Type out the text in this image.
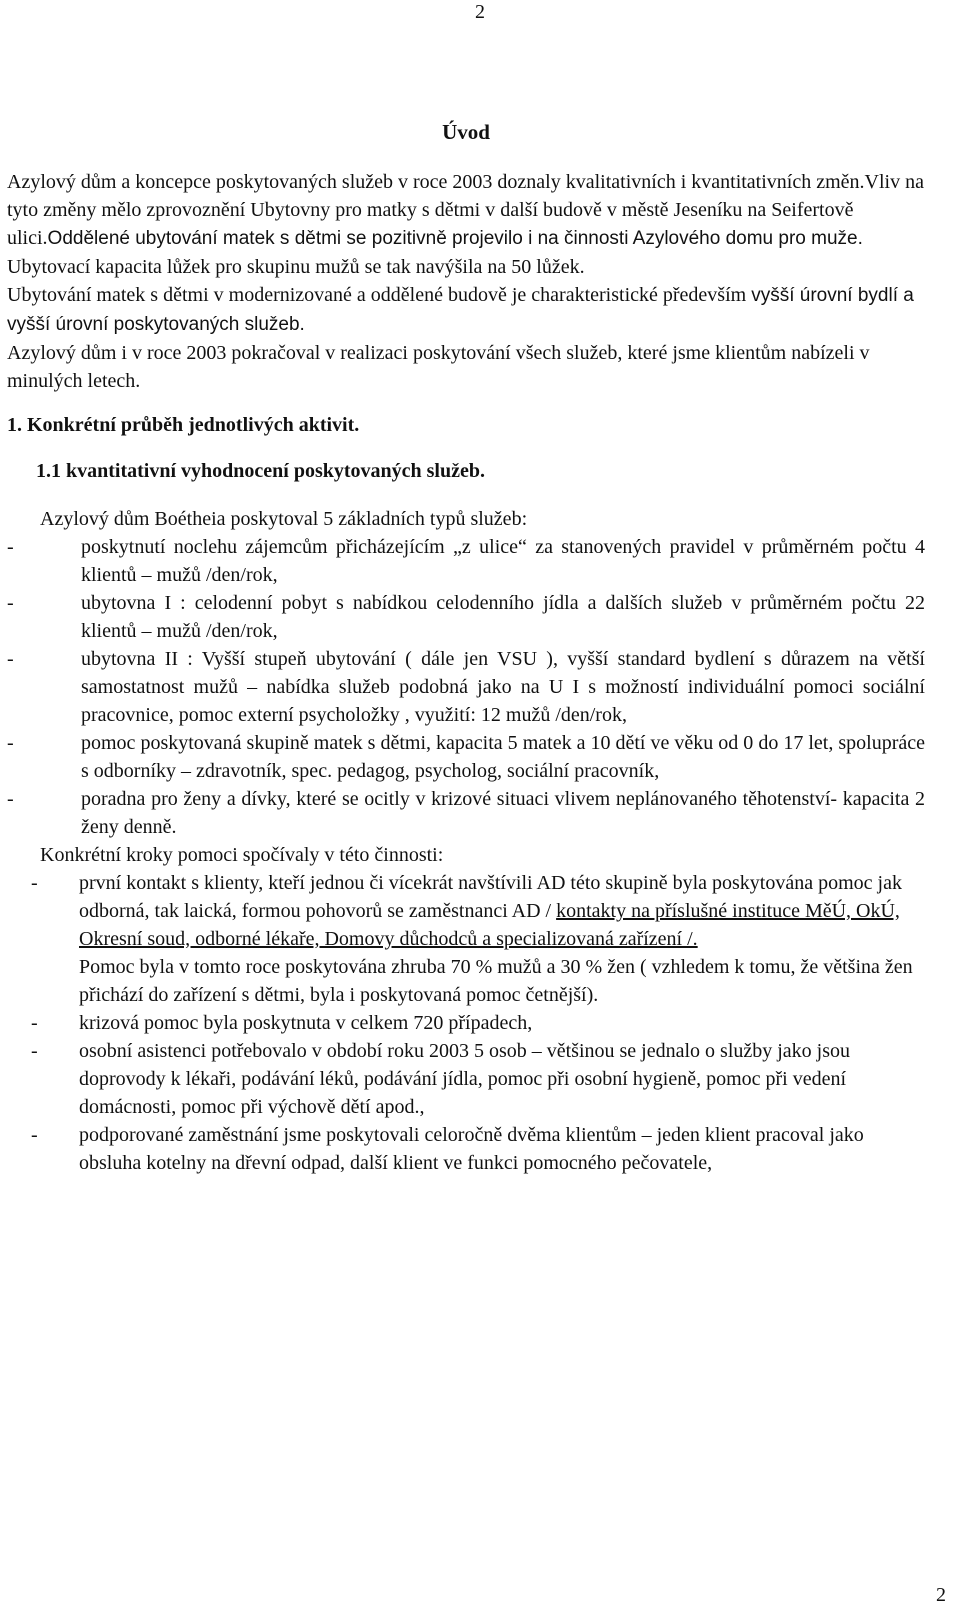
2
Úvod

Azylový dům a koncepce poskytovaných služeb v roce 2003 doznaly kvalitativních i kvantitativních změn.Vliv na tyto změny mělo zprovoznění Ubytovny pro matky s dětmi v další budově v městě Jeseníku na Seifertově ulici.Oddělené ubytování matek s dětmi se pozitivně projevilo i na činnosti Azylového domu pro muže. Ubytovací kapacita lůžek pro skupinu mužů se tak navýšila na 50 lůžek.

Ubytování matek s dětmi v modernizované a oddělené budově je charakteristické především vyšší úrovní bydlí a vyšší úrovní poskytovaných služeb.

Azylový dům i v roce 2003 pokračoval v realizaci poskytování všech služeb, které jsme klientům nabízeli v minulých letech.

1. Konkrétní průběh jednotlivých aktivit.
1.1 kvantitativní vyhodnocení poskytovaných služeb.
Azylový dům Boétheia poskytoval 5 základních typů služeb:
-	poskytnutí noclehu zájemcům přicházejícím „z ulice“ za stanovených pravidel v průměrném počtu 4 klientů – mužů /den/rok,
-	ubytovna I : celodenní pobyt s nabídkou celodenního jídla a dalších služeb v průměrném počtu 22 klientů – mužů /den/rok,
-	ubytovna II : Vyšší stupeň ubytování ( dále jen VSU ), vyšší standard bydlení s důrazem na větší samostatnost mužů – nabídka služeb podobná jako na U I s možností individuální pomoci sociální pracovnice, pomoc externí psycholožky , využití: 12 mužů /den/rok,
-	pomoc poskytovaná skupině matek s dětmi, kapacita 5 matek a 10 dětí ve věku od 0 do 17 let, spolupráce s odborníky – zdravotník, spec. pedagog, psycholog, sociální pracovník,
-	poradna pro ženy a dívky, které se ocitly v krizové situaci vlivem neplánovaného těhotenství- kapacita 2 ženy denně.
Konkrétní kroky pomoci spočívaly v této činnosti:
- první kontakt s klienty, kteří jednou či vícekrát navštívili AD této skupině byla poskytována pomoc jak odborná, tak laická, formou pohovorů se zaměstnanci AD / kontakty na příslušné instituce MěÚ, OkÚ, Okresní soud, odborné lékaře, Domovy důchodců a specializovaná zařízení /.
Pomoc byla v tomto roce poskytována zhruba 70 % mužů a 30 % žen ( vzhledem k tomu, že většina žen přichází do zařízení s dětmi, byla i poskytovaná pomoc četnější).
- krizová pomoc byla poskytnuta v celkem 720 případech,
- osobní asistenci potřebovalo v období roku 2003 5 osob – většinou se jednalo o služby jako jsou doprovody k lékaři, podávání léků, podávání jídla, pomoc při osobní hygieně, pomoc při vedení domácnosti, pomoc při výchově dětí apod.,
- podporované zaměstnání jsme poskytovali celoročně dvěma klientům – jeden klient pracoval jako obsluha kotelny na dřevní odpad, další klient ve funkci pomocného pečovatele,
2
